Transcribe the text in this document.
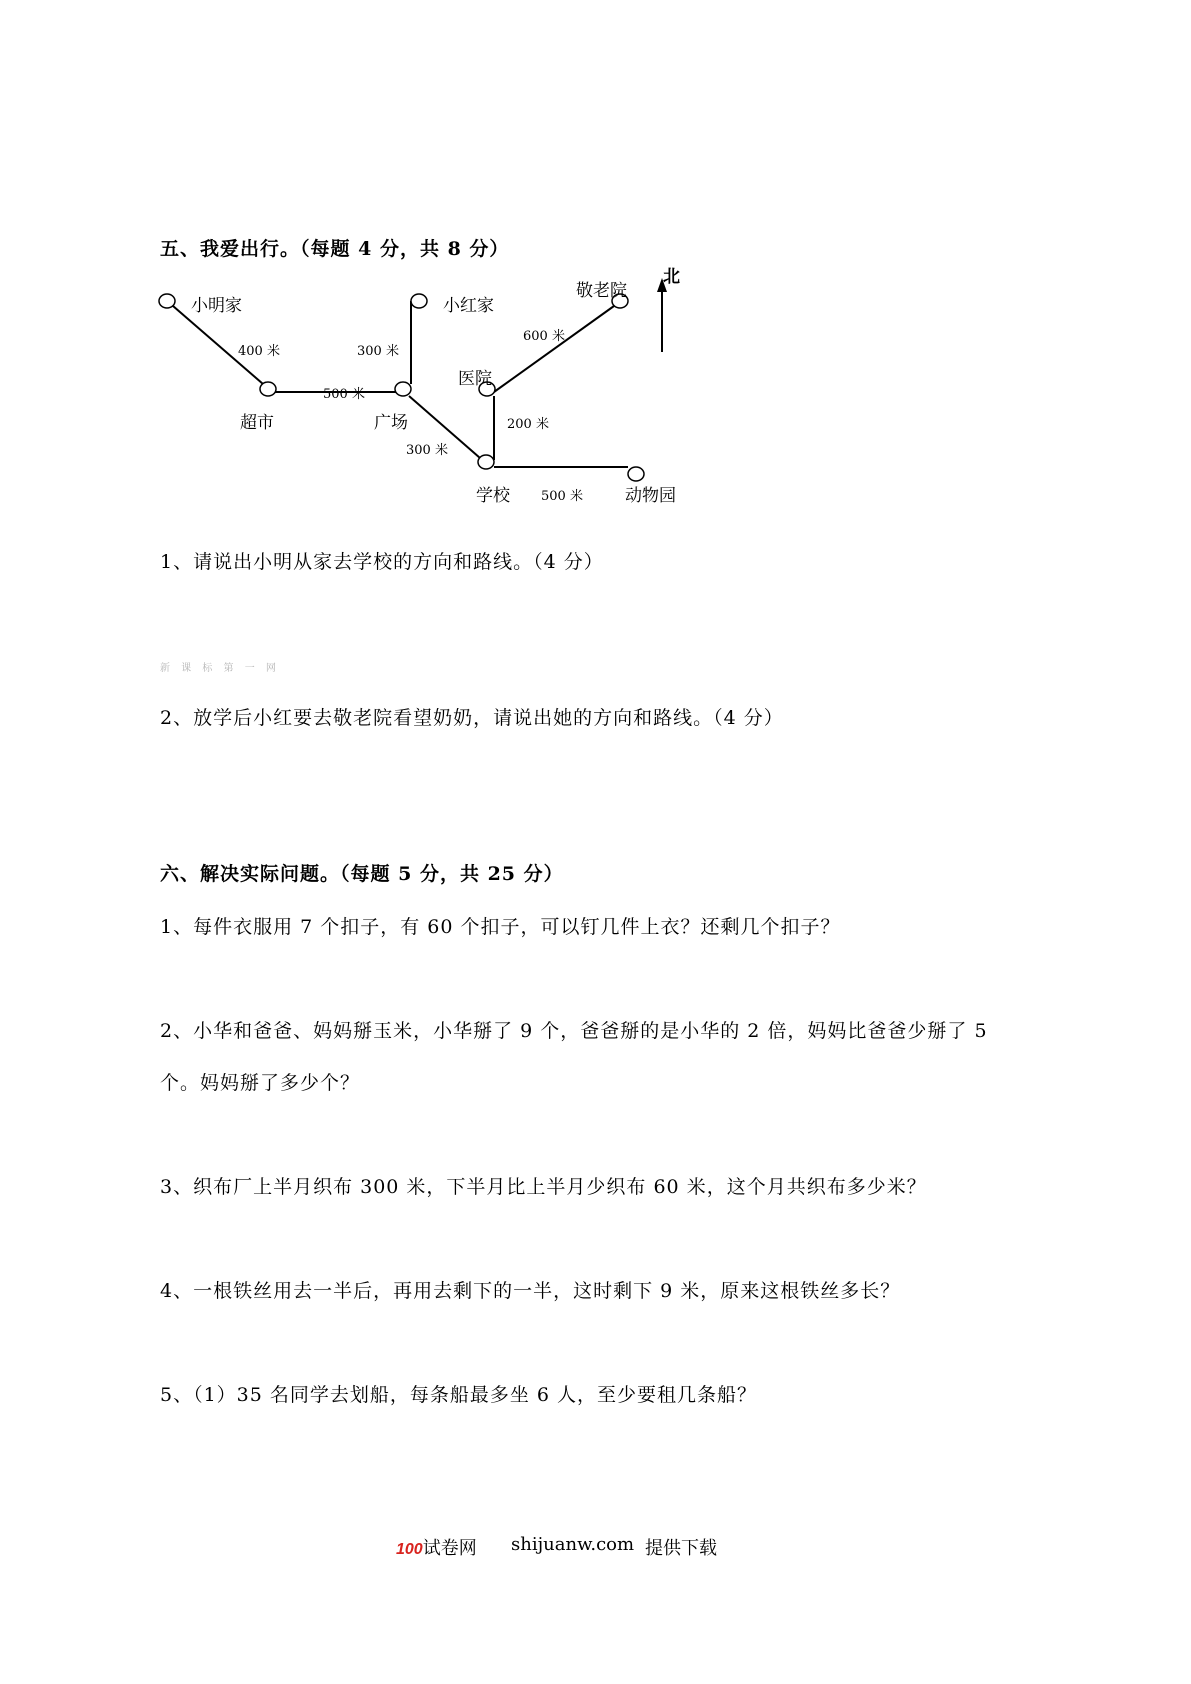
五、我爱出行。（每题 4 分，共 8 分）
小明家	小红家
敬老院
医院
超市	广场
学校	动物园
北
400 米
500 米
300 米
300 米
600 米
200 米
500 米
1、请说出小明从家去学校的方向和路线。（4 分）
新 课 标 第 一 网
2、放学后小红要去敬老院看望奶奶，请说出她的方向和路线。（4 分）
六、解决实际问题。（每题 5 分，共 25 分）
1、每件衣服用 7 个扣子，有 60 个扣子，可以钉几件上衣？还剩几个扣子？
2、小华和爸爸、妈妈掰玉米，小华掰了 9 个，爸爸掰的是小华的 2 倍，妈妈比爸爸少掰了 5
个。妈妈掰了多少个？
3、织布厂上半月织布 300 米，下半月比上半月少织布 60 米，这个月共织布多少米？
4、一根铁丝用去一半后，再用去剩下的一半，这时剩下 9 米，原来这根铁丝多长？
5、（1）35 名同学去划船，每条船最多坐 6 人，至少要租几条船？
100试卷网 shijuanw.com 提供下载
